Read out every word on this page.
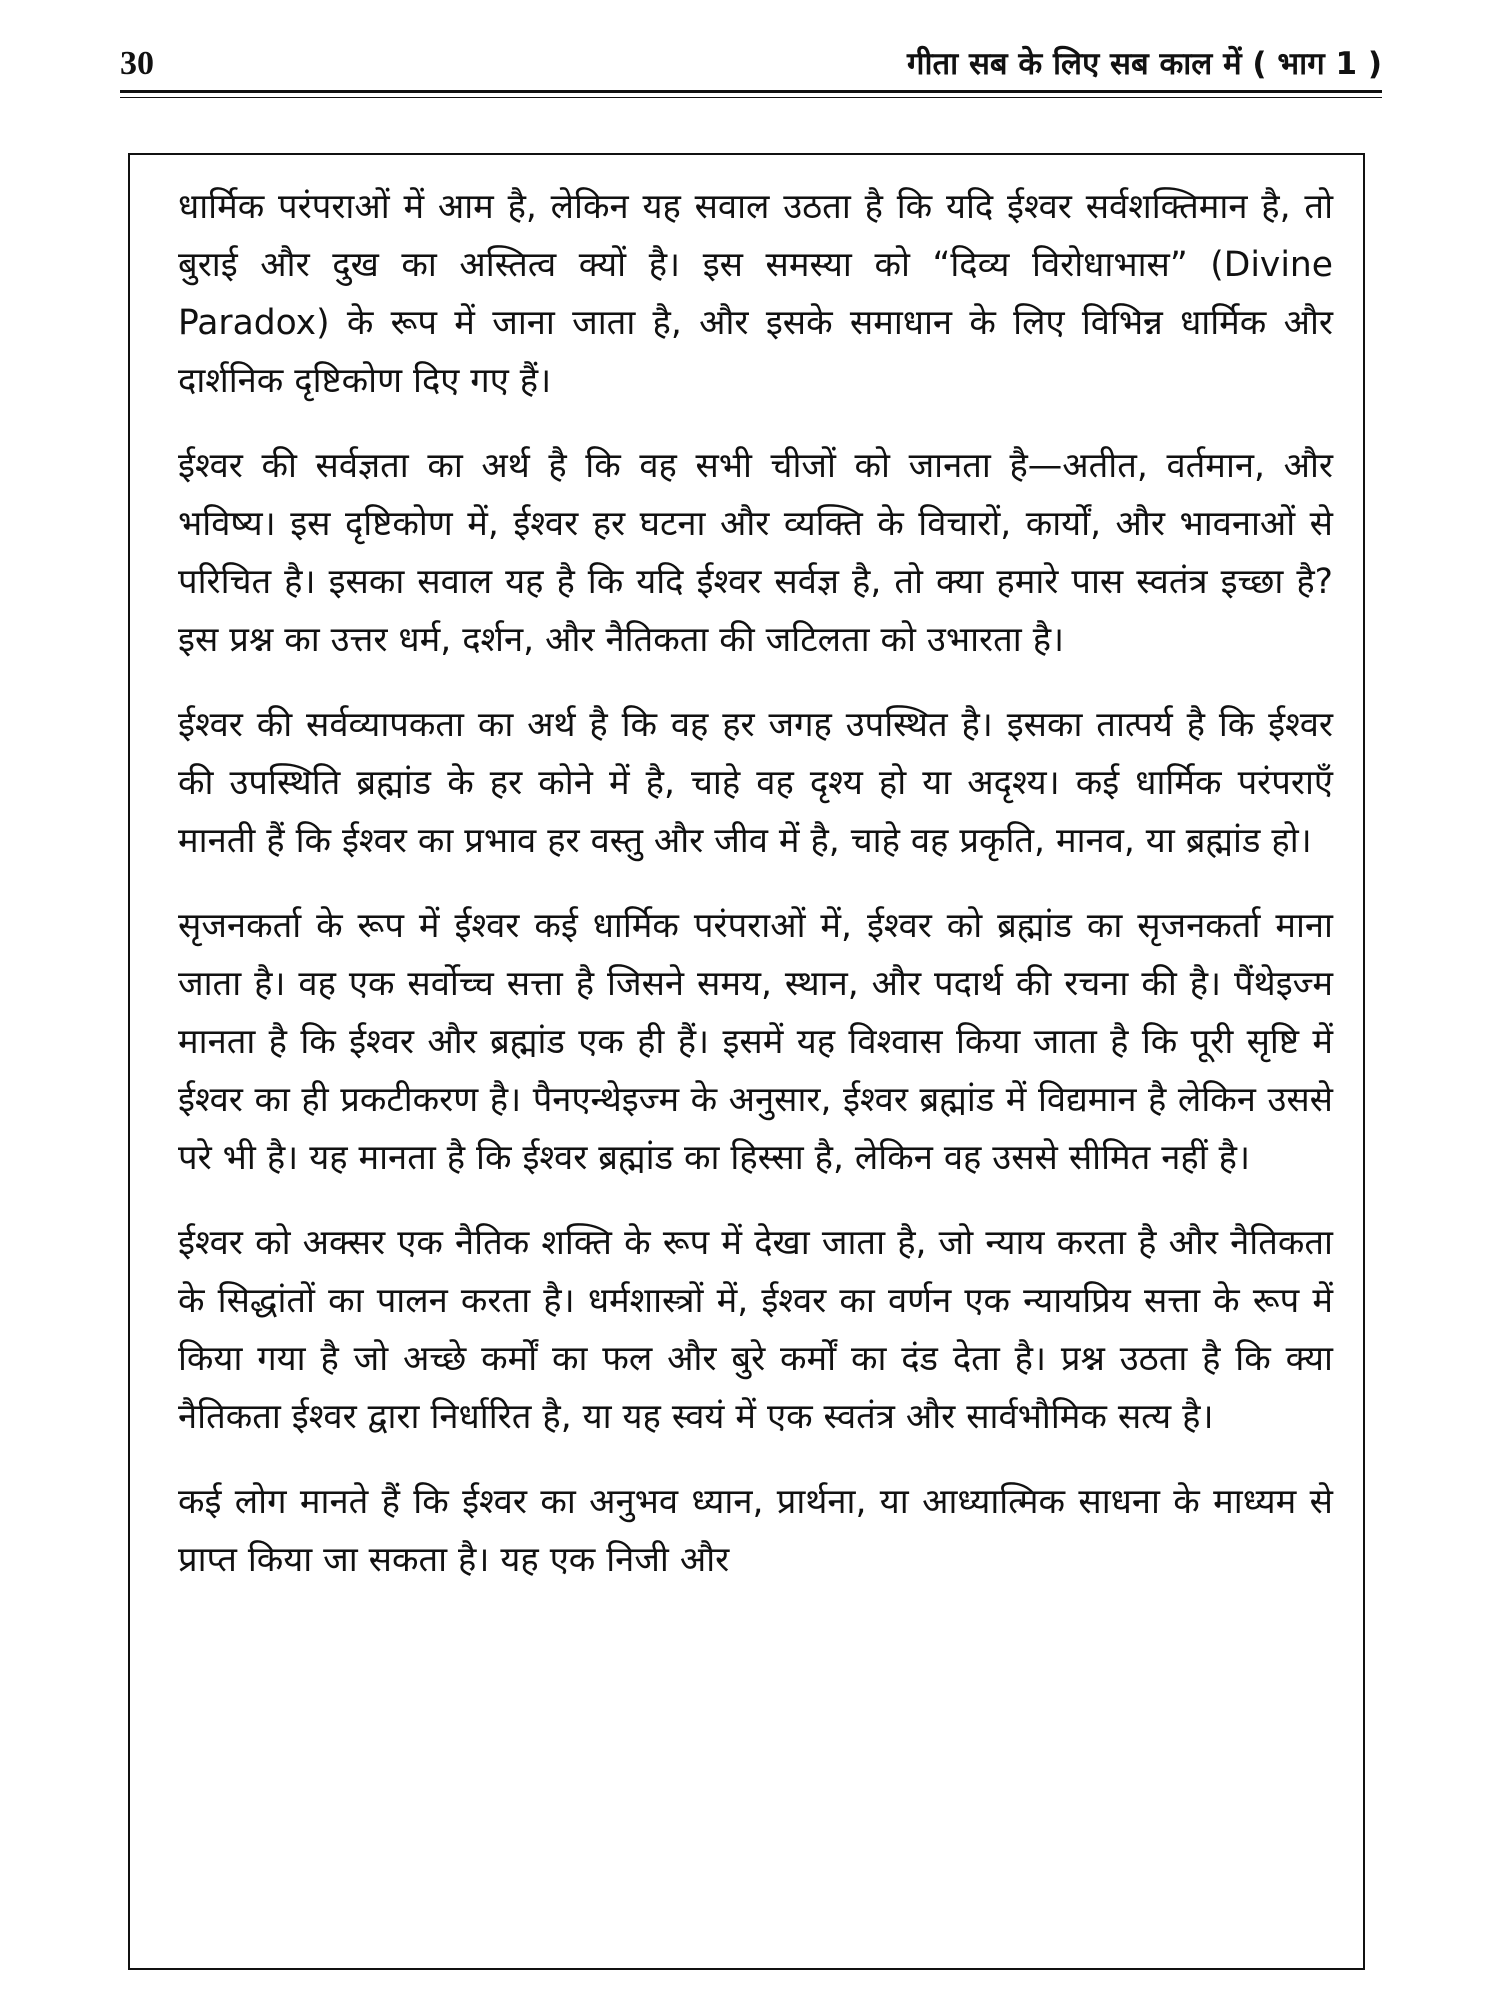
30	गीता सब के लिए सब काल में ( भाग 1 )

धार्मिक परंपराओं में आम है, लेकिन यह सवाल उठता है कि यदि ईश्वर सर्वशक्तिमान है, तो बुराई और दुख का अस्तित्व क्यों है। इस समस्या को “दिव्य विरोधाभास” (Divine Paradox) के रूप में जाना जाता है, और इसके समाधान के लिए विभिन्न धार्मिक और दार्शनिक दृष्टिकोण दिए गए हैं।

ईश्वर की सर्वज्ञता का अर्थ है कि वह सभी चीजों को जानता है—अतीत, वर्तमान, और भविष्य। इस दृष्टिकोण में, ईश्वर हर घटना और व्यक्ति के विचारों, कार्यों, और भावनाओं से परिचित है। इसका सवाल यह है कि यदि ईश्वर सर्वज्ञ है, तो क्या हमारे पास स्वतंत्र इच्छा है? इस प्रश्न का उत्तर धर्म, दर्शन, और नैतिकता की जटिलता को उभारता है।

ईश्वर की सर्वव्यापकता का अर्थ है कि वह हर जगह उपस्थित है। इसका तात्पर्य है कि ईश्वर की उपस्थिति ब्रह्मांड के हर कोने में है, चाहे वह दृश्य हो या अदृश्य। कई धार्मिक परंपराएँ मानती हैं कि ईश्वर का प्रभाव हर वस्तु और जीव में है, चाहे वह प्रकृति, मानव, या ब्रह्मांड हो।

सृजनकर्ता के रूप में ईश्वर कई धार्मिक परंपराओं में, ईश्वर को ब्रह्मांड का सृजनकर्ता माना जाता है। वह एक सर्वोच्च सत्ता है जिसने समय, स्थान, और पदार्थ की रचना की है। पैंथेइज्म मानता है कि ईश्वर और ब्रह्मांड एक ही हैं। इसमें यह विश्वास किया जाता है कि पूरी सृष्टि में ईश्वर का ही प्रकटीकरण है। पैनएन्थेइज्म के अनुसार, ईश्वर ब्रह्मांड में विद्यमान है लेकिन उससे परे भी है। यह मानता है कि ईश्वर ब्रह्मांड का हिस्सा है, लेकिन वह उससे सीमित नहीं है।

ईश्वर को अक्सर एक नैतिक शक्ति के रूप में देखा जाता है, जो न्याय करता है और नैतिकता के सिद्धांतों का पालन करता है। धर्मशास्त्रों में, ईश्वर का वर्णन एक न्यायप्रिय सत्ता के रूप में किया गया है जो अच्छे कर्मों का फल और बुरे कर्मों का दंड देता है। प्रश्न उठता है कि क्या नैतिकता ईश्वर द्वारा निर्धारित है, या यह स्वयं में एक स्वतंत्र और सार्वभौमिक सत्य है।

कई लोग मानते हैं कि ईश्वर का अनुभव ध्यान, प्रार्थना, या आध्यात्मिक साधना के माध्यम से प्राप्त किया जा सकता है। यह एक निजी और
